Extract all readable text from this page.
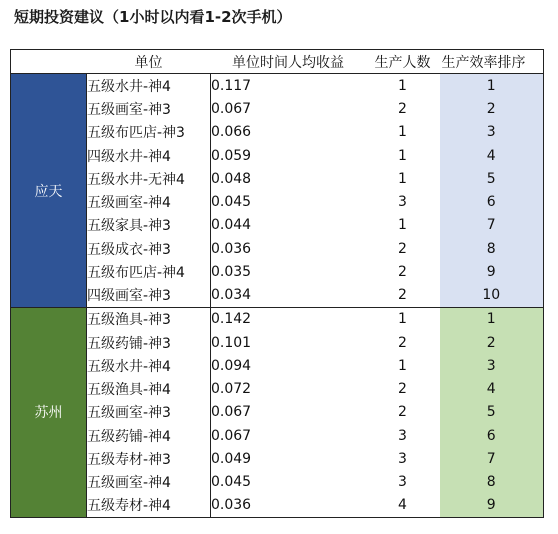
短期投资建议（1小时以内看1-2次手机）
	单位	单位时间人均收益	生产人数	生产效率排序
应天	五级水井-神4	0.117	1	1
	五级画室-神3	0.067	2	2
	五级布匹店-神3	0.066	1	3
	四级水井-神4	0.059	1	4
	五级水井-无神4	0.048	1	5
	五级画室-神4	0.045	3	6
	五级家具-神3	0.044	1	7
	五级成衣-神3	0.036	2	8
	五级布匹店-神4	0.035	2	9
	四级画室-神3	0.034	2	10
苏州	五级渔具-神3	0.142	1	1
	五级药铺-神3	0.101	2	2
	五级水井-神4	0.094	1	3
	五级渔具-神4	0.072	2	4
	五级画室-神3	0.067	2	5
	五级药铺-神4	0.067	3	6
	五级寿材-神3	0.049	3	7
	五级画室-神4	0.045	3	8
	五级寿材-神4	0.036	4	9
